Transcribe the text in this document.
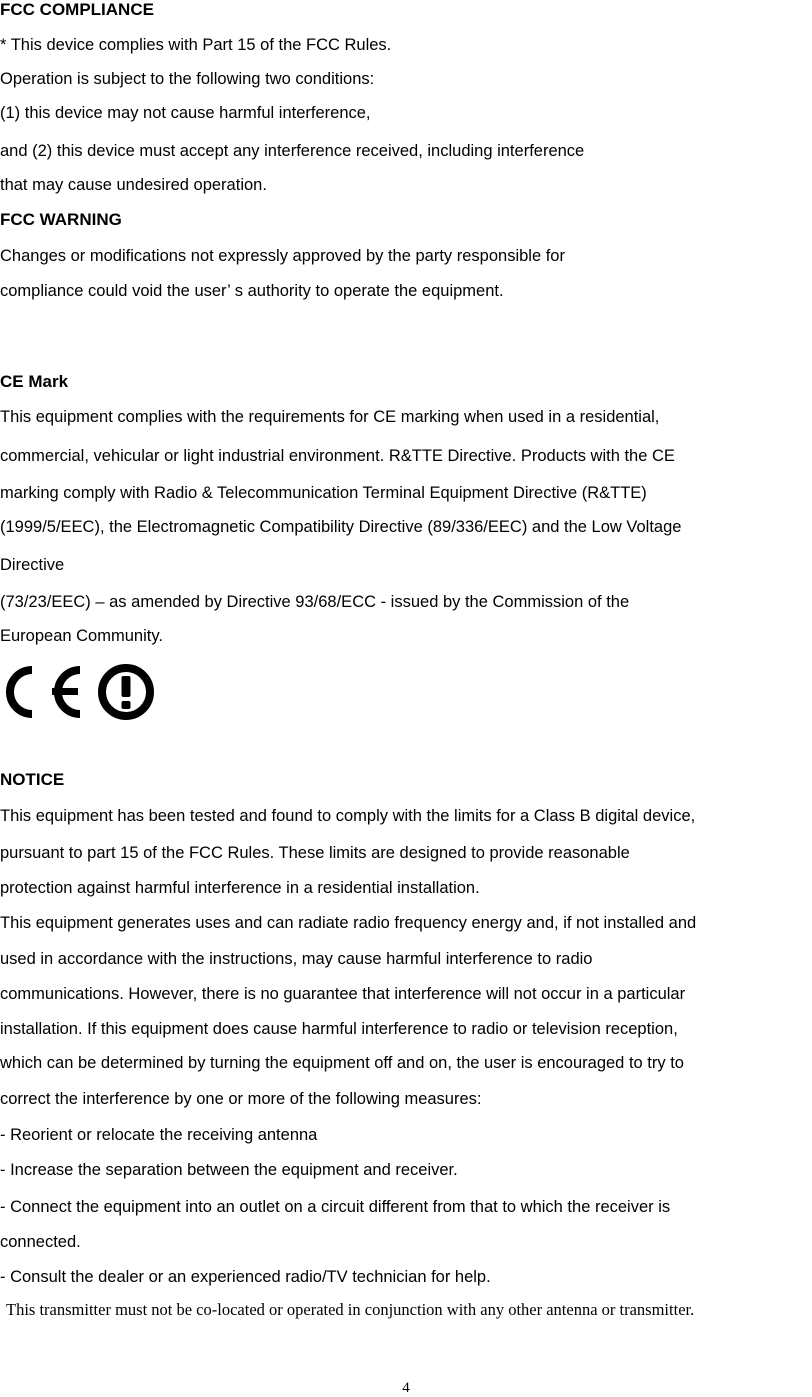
FCC COMPLIANCE
* This device complies with Part 15 of the FCC Rules.
Operation is subject to the following two conditions:
(1) this device may not cause harmful interference,
and (2) this device must accept any interference received, including interference
that may cause undesired operation.
FCC WARNING
Changes or modifications not expressly approved by the party responsible for
compliance could void the user’ s authority to operate the equipment.
CE Mark
This equipment complies with the requirements for CE marking when used in a residential,
commercial, vehicular or light industrial environment. R&TTE Directive. Products with the CE
marking comply with Radio & Telecommunication Terminal Equipment Directive (R&TTE)
(1999/5/EEC), the Electromagnetic Compatibility Directive (89/336/EEC) and the Low Voltage
Directive
(73/23/EEC) – as amended by Directive 93/68/ECC - issued by the Commission of the
European Community.
NOTICE
This equipment has been tested and found to comply with the limits for a Class B digital device,
pursuant to part 15 of the FCC Rules. These limits are designed to provide reasonable
protection against harmful interference in a residential installation.
This equipment generates uses and can radiate radio frequency energy and, if not installed and
used in accordance with the instructions, may cause harmful interference to radio
communications. However, there is no guarantee that interference will not occur in a particular
installation. If this equipment does cause harmful interference to radio or television reception,
which can be determined by turning the equipment off and on, the user is encouraged to try to
correct the interference by one or more of the following measures:
- Reorient or relocate the receiving antenna
- Increase the separation between the equipment and receiver.
- Connect the equipment into an outlet on a circuit different from that to which the receiver is
connected.
- Consult the dealer or an experienced radio/TV technician for help.
This transmitter must not be co-located or operated in conjunction with any other antenna or transmitter.
4
